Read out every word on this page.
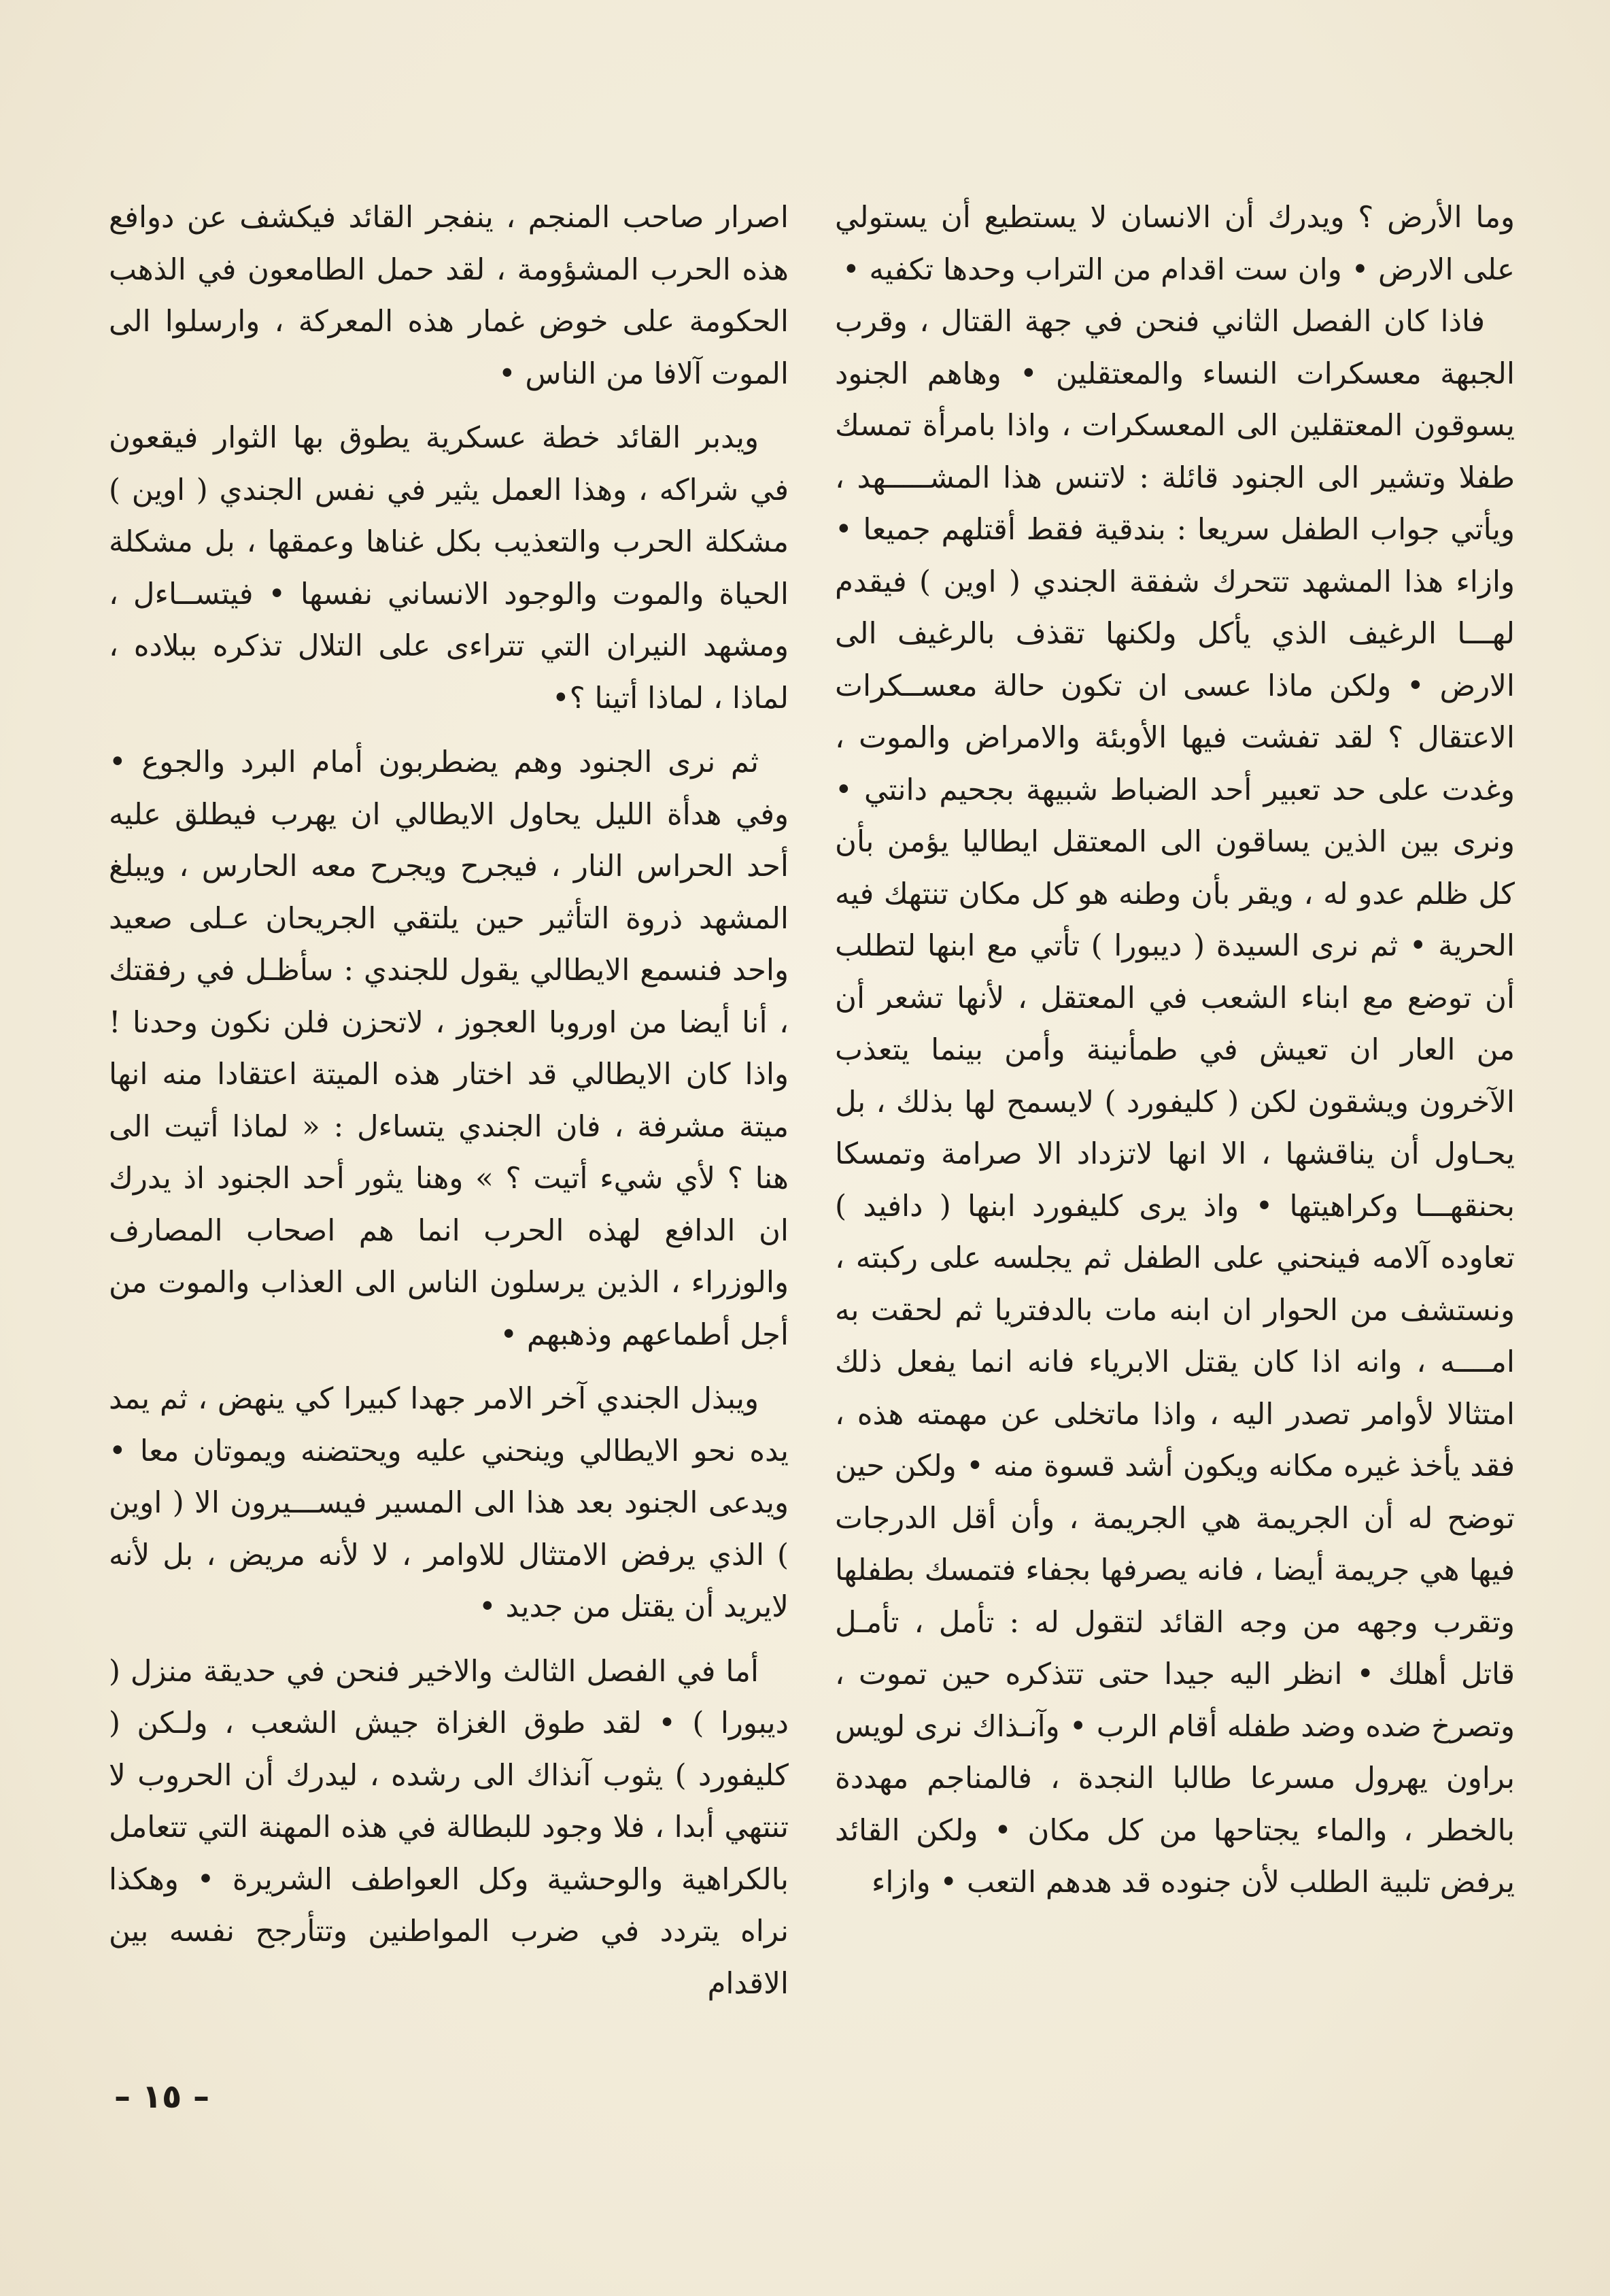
وما الأرض ؟ ويدرك أن الانسان لا يستطيع أن يستولي على الارض • وان ست اقدام من التراب وحدها تكفيه •

فاذا كان الفصل الثاني فنحن في جهة القتال ، وقرب الجبهة معسكرات النساء والمعتقلين • وهاهم الجنود يسوقون المعتقلين الى المعسكرات ، واذا بامرأة تمسك طفلا وتشير الى الجنود قائلة : لاتنس هذا المشـــــهد ، ويأتي جواب الطفل سريعا : بندقية فقط أقتلهم جميعا • وازاء هذا المشهد تتحرك شفقة الجندي ( اوين ) فيقدم لهـــا الرغيف الذي يأكل ولكنها تقذف بالرغيف الى الارض • ولكن ماذا عسى ان تكون حالة معســكرات الاعتقال ؟ لقد تفشت فيها الأوبئة والامراض والموت ، وغدت على حد تعبير أحد الضباط شبيهة بجحيم دانتي • ونرى بين الذين يساقون الى المعتقل ايطاليا يؤمن بأن كل ظلم عدو له ، ويقر بأن وطنه هو كل مكان تنتهك فيه الحرية • ثم نرى السيدة ( ديبورا ) تأتي مع ابنها لتطلب أن توضع مع ابناء الشعب في المعتقل ، لأنها تشعر أن من العار ان تعيش في طمأنينة وأمن بينما يتعذب الآخرون ويشقون لكن ( كليفورد ) لايسمح لها بذلك ، بل يحـاول أن يناقشها ، الا انها لاتزداد الا صرامة وتمسكا بحنقهـــا وكراهيتها • واذ يرى كليفورد ابنها ( دافيد ) تعاوده آلامه فينحني على الطفل ثم يجلسه على ركبته ، ونستشف من الحوار ان ابنه مات بالدفتريا ثم لحقت به امــــه ، وانه اذا كان يقتل الابرياء فانه انما يفعل ذلك امتثالا لأوامر تصدر اليه ، واذا ماتخلى عن مهمته هذه ، فقد يأخذ غيره مكانه ويكون أشد قسوة منه • ولكن حين توضح له أن الجريمة هي الجريمة ، وأن أقل الدرجات فيها هي جريمة أيضا ، فانه يصرفها بجفاء فتمسك بطفلها وتقرب وجهه من وجه القائد لتقول له : تأمل ، تأمـل قاتل أهلك • انظر اليه جيدا حتى تتذكره حين تموت ، وتصرخ ضده وضد طفله أقام الرب • وآنـذاك نرى لويس براون يهرول مسرعا طالبا النجدة ، فالمناجم مهددة بالخطر ، والماء يجتاحها من كل مكان • ولكن القائد يرفض تلبية الطلب لأن جنوده قد هدهم التعب • وازاء

اصرار صاحب المنجم ، ينفجر القائد فيكشف عن دوافع هذه الحرب المشؤومة ، لقد حمل الطامعون في الذهب الحكومة على خوض غمار هذه المعركة ، وارسلوا الى الموت آلافا من الناس •

ويدبر القائد خطة عسكرية يطوق بها الثوار فيقعون في شراكه ، وهذا العمل يثير في نفس الجندي ( اوين ) مشكلة الحرب والتعذيب بكل غناها وعمقها ، بل مشكلة الحياة والموت والوجود الانساني نفسها • فيتســاءل ، ومشهد النيران التي تتراءى على التلال تذكره ببلاده ، لماذا ، لماذا أتينا ؟•

ثم نرى الجنود وهم يضطربون أمام البرد والجوع • وفي هدأة الليل يحاول الايطالي ان يهرب فيطلق عليه أحد الحراس النار ، فيجرح ويجرح معه الحارس ، ويبلغ المشهد ذروة التأثير حين يلتقي الجريحان عـلى صعيد واحد فنسمع الايطالي يقول للجندي : سأظـل في رفقتك ، أنا أيضا من اوروبا العجوز ، لاتحزن فلن نكون وحدنا ! واذا كان الايطالي قد اختار هذه الميتة اعتقادا منه انها ميتة مشرفة ، فان الجندي يتساءل : « لماذا أتيت الى هنا ؟ لأي شيء أتيت ؟ » وهنا يثور أحد الجنود اذ يدرك ان الدافع لهذه الحرب انما هم اصحاب المصارف والوزراء ، الذين يرسلون الناس الى العذاب والموت من أجل أطماعهم وذهبهم •

ويبذل الجندي آخر الامر جهدا كبيرا كي ينهض ، ثم يمد يده نحو الايطالي وينحني عليه ويحتضنه ويموتان معا • ويدعى الجنود بعد هذا الى المسير فيســـيرون الا ( اوين ) الذي يرفض الامتثال للاوامر ، لا لأنه مريض ، بل لأنه لايريد أن يقتل من جديد •

أما في الفصل الثالث والاخير فنحن في حديقة منزل ( ديبورا ) • لقد طوق الغزاة جيش الشعب ، ولـكن ( كليفورد ) يثوب آنذاك الى رشده ، ليدرك أن الحروب لا تنتهي أبدا ، فلا وجود للبطالة في هذه المهنة التي تتعامل بالكراهية والوحشية وكل العواطف الشريرة • وهكذا نراه يتردد في ضرب المواطنين وتتأرجح نفسه بين الاقدام

– ١٥ –
